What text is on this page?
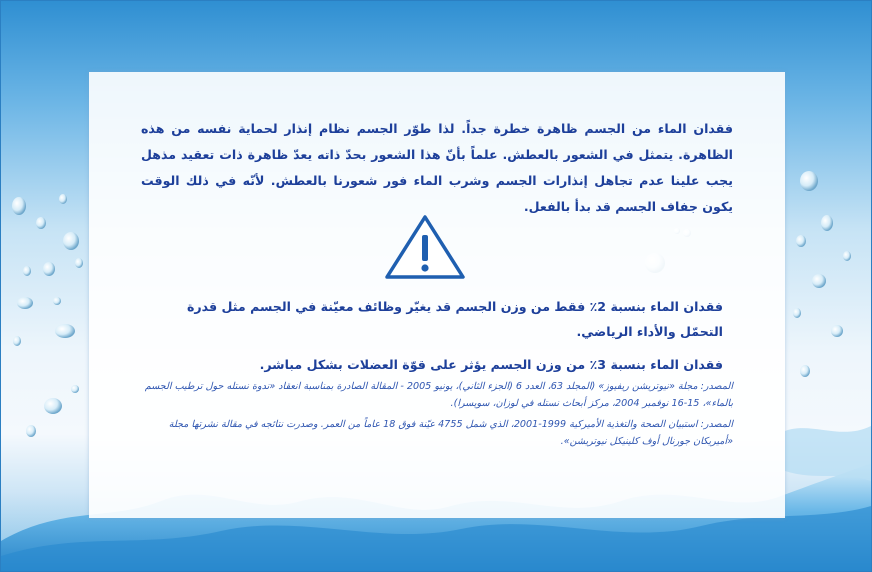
فقدان الماء من الجسم ظاهرة خطرة جداً. لذا طوّر الجسم نظام إنذار لحماية نفسه من هذه الظاهرة. يتمثل في الشعور بالعطش. علماً بأنّ هذا الشعور بحدّ ذاته يعدّ ظاهرة ذات تعقيد مذهل يجب علينا عدم تجاهل إنذارات الجسم وشرب الماء فور شعورنا بالعطش. لأنّه في ذلك الوقت يكون جفاف الجسم قد بدأ بالفعل.

فقدان الماء بنسبة 2٪ فقط من وزن الجسم قد يغيّر وظائف معيّنة في الجسم مثل قدرة التحمّل والأداء الرياضي.

فقدان الماء بنسبة 3٪ من وزن الجسم يؤثر على قوّة العضلات بشكل مباشر.

المصدر: مجلة «نيوتريشن ريفيوز» (المجلد 63، العدد 6 (الجزء الثاني)، يونيو 2005 - المقالة الصادرة بمناسبة انعقاد «ندوة نستله حول ترطيب الجسم بالماء»، 15-16 نوفمبر 2004، مركز أبحاث نستله في لوزان، سويسرا).

المصدر: استبيان الصحة والتغذية الأميركية 1999-2001، الذي شمل 4755 عيّنة فوق 18 عاماً من العمر. وصدرت نتائجه في مقالة نشرتها مجلة «أميريكان جورنال أوف كلينيكل نيوتريشن».
